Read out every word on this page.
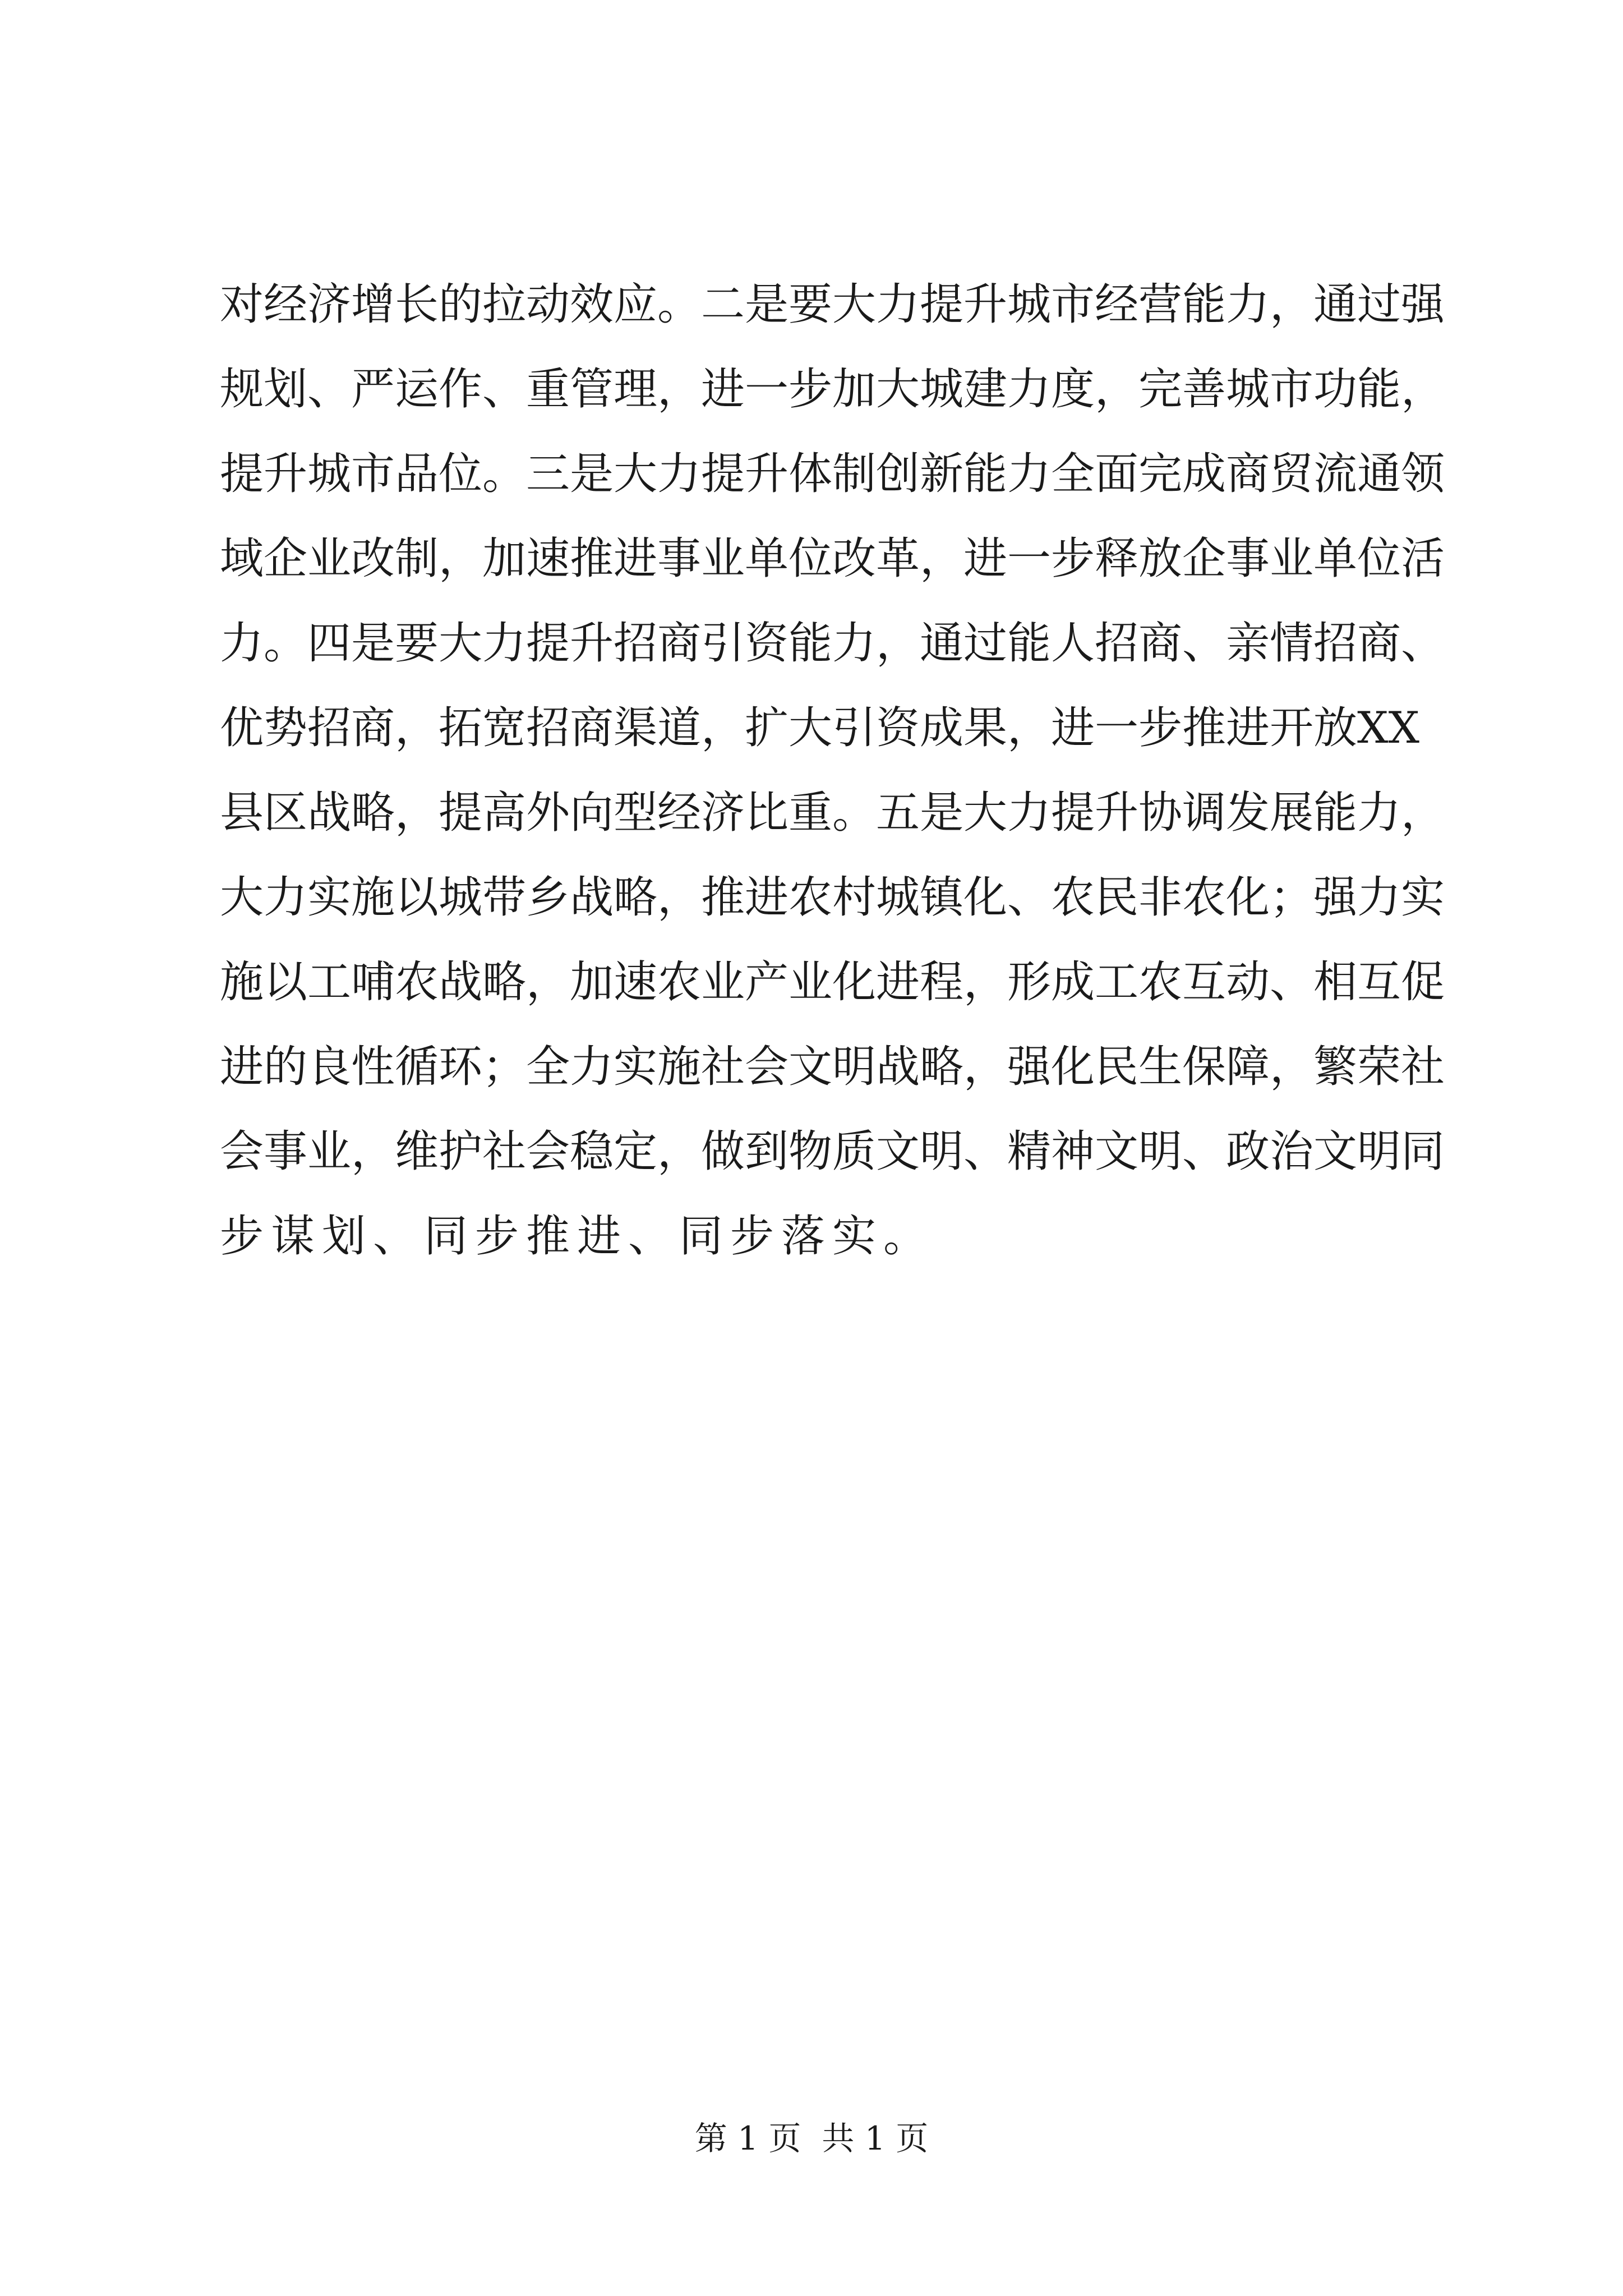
对经济增长的拉动效应。二是要大力提升城市经营能力，通过强
规划、严运作、重管理，进一步加大城建力度，完善城市功能，
提升城市品位。三是大力提升体制创新能力全面完成商贸流通领
域企业改制，加速推进事业单位改革，进一步释放企事业单位活
力。四是要大力提升招商引资能力，通过能人招商、亲情招商、
优势招商，拓宽招商渠道，扩大引资成果，进一步推进开放XX
县区战略，提高外向型经济比重。五是大力提升协调发展能力，
大力实施以城带乡战略，推进农村城镇化、农民非农化；强力实
施以工哺农战略，加速农业产业化进程，形成工农互动、相互促
进的良性循环；全力实施社会文明战略，强化民生保障，繁荣社
会事业，维护社会稳定，做到物质文明、精神文明、政治文明同
步谋划、同步推进、同步落实。
第 1 页  共 1 页
